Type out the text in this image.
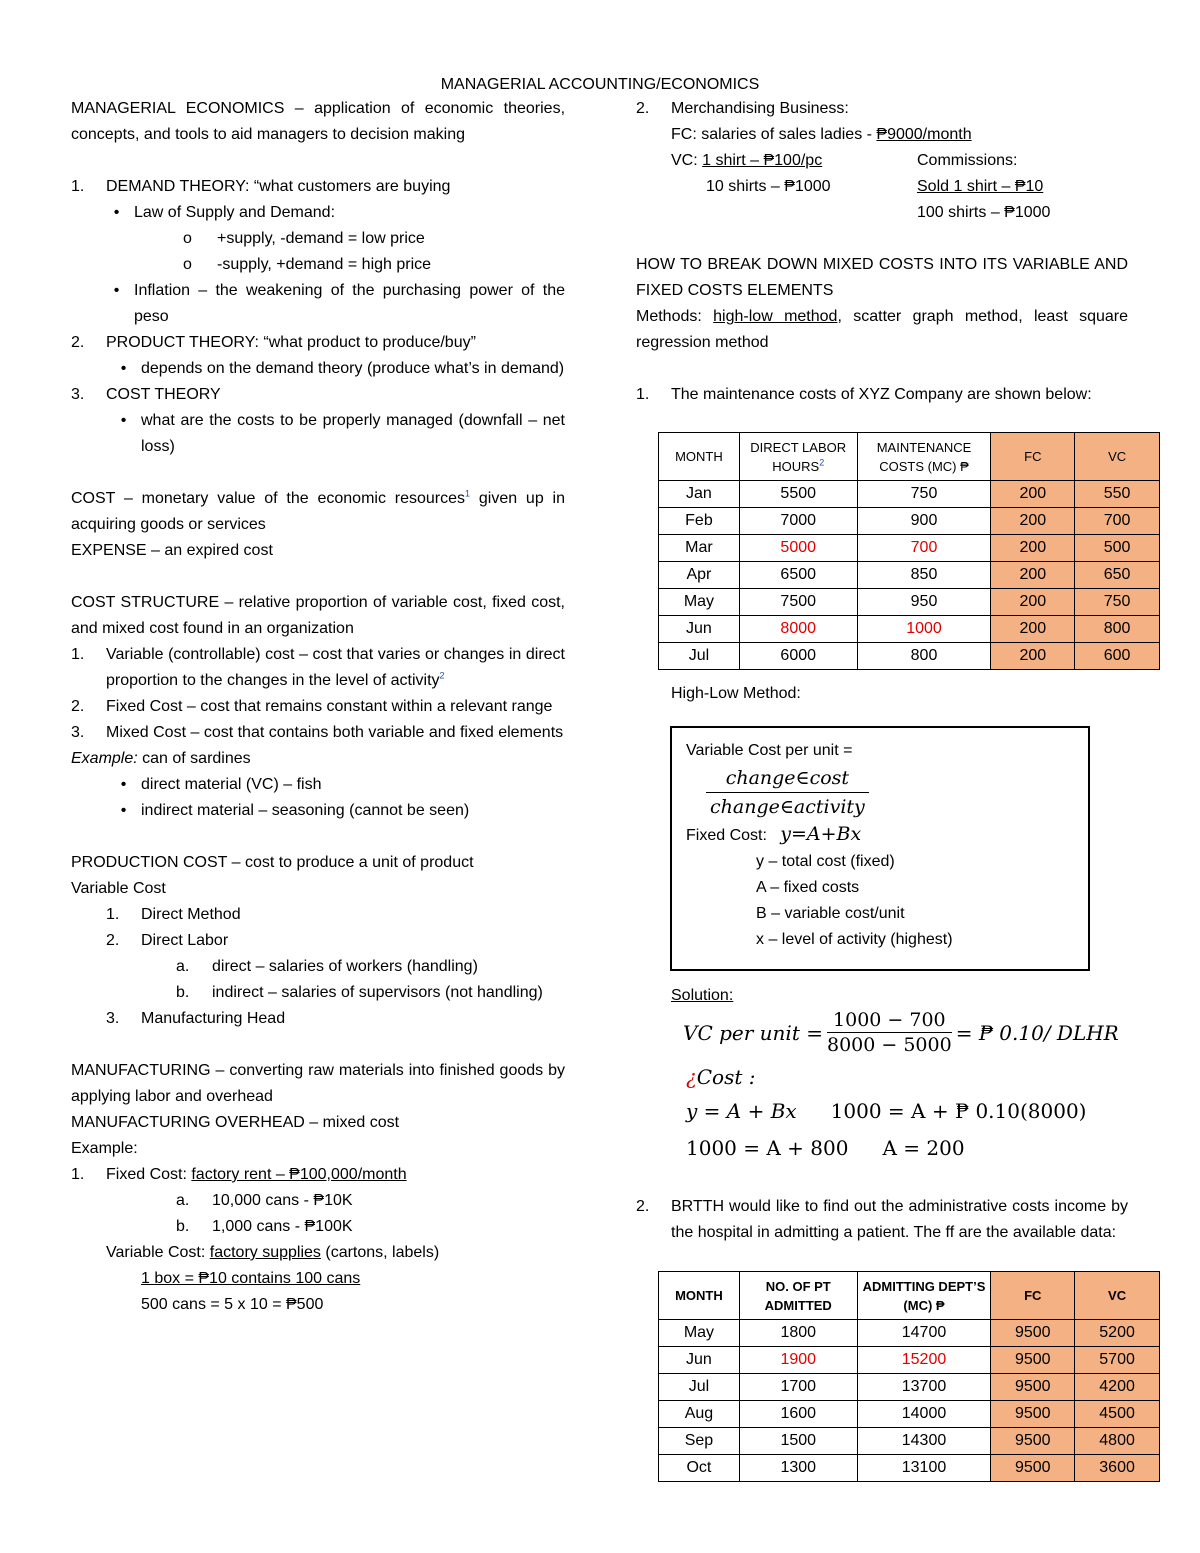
MANAGERIAL ACCOUNTING/ECONOMICS

MANAGERIAL ECONOMICS – application of economic theories, concepts, and tools to aid managers to decision making

1.	DEMAND THEORY: “what customers are buying
• Law of Supply and Demand:
o	+supply, -demand = low price
o	-supply, +demand = high price
• Inflation – the weakening of the purchasing power of the peso
2.	PRODUCT THEORY: “what product to produce/buy”
• depends on the demand theory (produce what’s in demand)
3.	COST THEORY
• what are the costs to be properly managed (downfall – net loss)

COST – monetary value of the economic resources$^1$ given up in acquiring goods or services

EXPENSE – an expired cost

COST STRUCTURE – relative proportion of variable cost, fixed cost, and mixed cost found in an organization

1.	Variable (controllable) cost – cost that varies or changes in direct proportion to the changes in the level of activity$^2$
2.	Fixed Cost – cost that remains constant within a relevant range
3.	Mixed Cost – cost that contains both variable and fixed elements

Example: can of sardines

• direct material (VC) – fish
• indirect material – seasoning (cannot be seen)

PRODUCTION COST – cost to produce a unit of product

Variable Cost

1.	Direct Method
2.	Direct Labor
a.	direct – salaries of workers (handling)
b.	indirect – salaries of supervisors (not handling)
3.	Manufacturing Head

MANUFACTURING – converting raw materials into finished goods by applying labor and overhead

MANUFACTURING OVERHEAD – mixed cost

Example:

1.	Fixed Cost: factory rent – ₱100,000/month
a.	10,000 cans - ₱10K
b.	1,000 cans - ₱100K

Variable Cost: factory supplies (cartons, labels)

1 box = ₱10 contains 100 cans

500 cans = 5 x 10 = ₱500

2.	Merchandising Business:

FC: salaries of sales ladies - ₱9000/month

VC: 1 shirt – ₱100/pc	Commissions:
10 shirts – ₱1000	Sold 1 shirt – ₱10

100 shirts – ₱1000

HOW TO BREAK DOWN MIXED COSTS INTO ITS VARIABLE AND FIXED COSTS ELEMENTS

Methods: high-low method, scatter graph method, least square regression method

1.	The maintenance costs of XYZ Company are shown below:
MONTH	DIRECT LABOR HOURS$^2$	MAINTENANCE COSTS (MC) ₱	FC	VC
Jan	5500	750	200	550
Feb	7000	900	200	700
Mar	5000	700	200	500
Apr	6500	850	200	650
May	7500	950	200	750
Jun	8000	1000	200	800
Jul	6000	800	200	600
High-Low Method:
Variable Cost per unit =
change∈cost
change∈activity
Fixed Cost: y=A+Bx
y – total cost (fixed)
A – fixed costs
B – variable cost/unit
x – level of activity (highest)
Solution:
VC per unit = $\frac{1000 - 700}{8000 - 5000}$ = ₱ 0.10/ DLHR
¿Cost :
y = A + Bx 1000 = A + ₱ 0.10(8000)
1000 = A + 800 A = 200
2.	BRTTH would like to find out the administrative costs income by the hospital in admitting a patient. The ff are the available data:
MONTH	NO. OF PT ADMITTED	ADMITTING DEPT’S (MC) ₱	FC	VC
May	1800	14700	9500	5200
Jun	1900	15200	9500	5700
Jul	1700	13700	9500	4200
Aug	1600	14000	9500	4500
Sep	1500	14300	9500	4800
Oct	1300	13100	9500	3600
